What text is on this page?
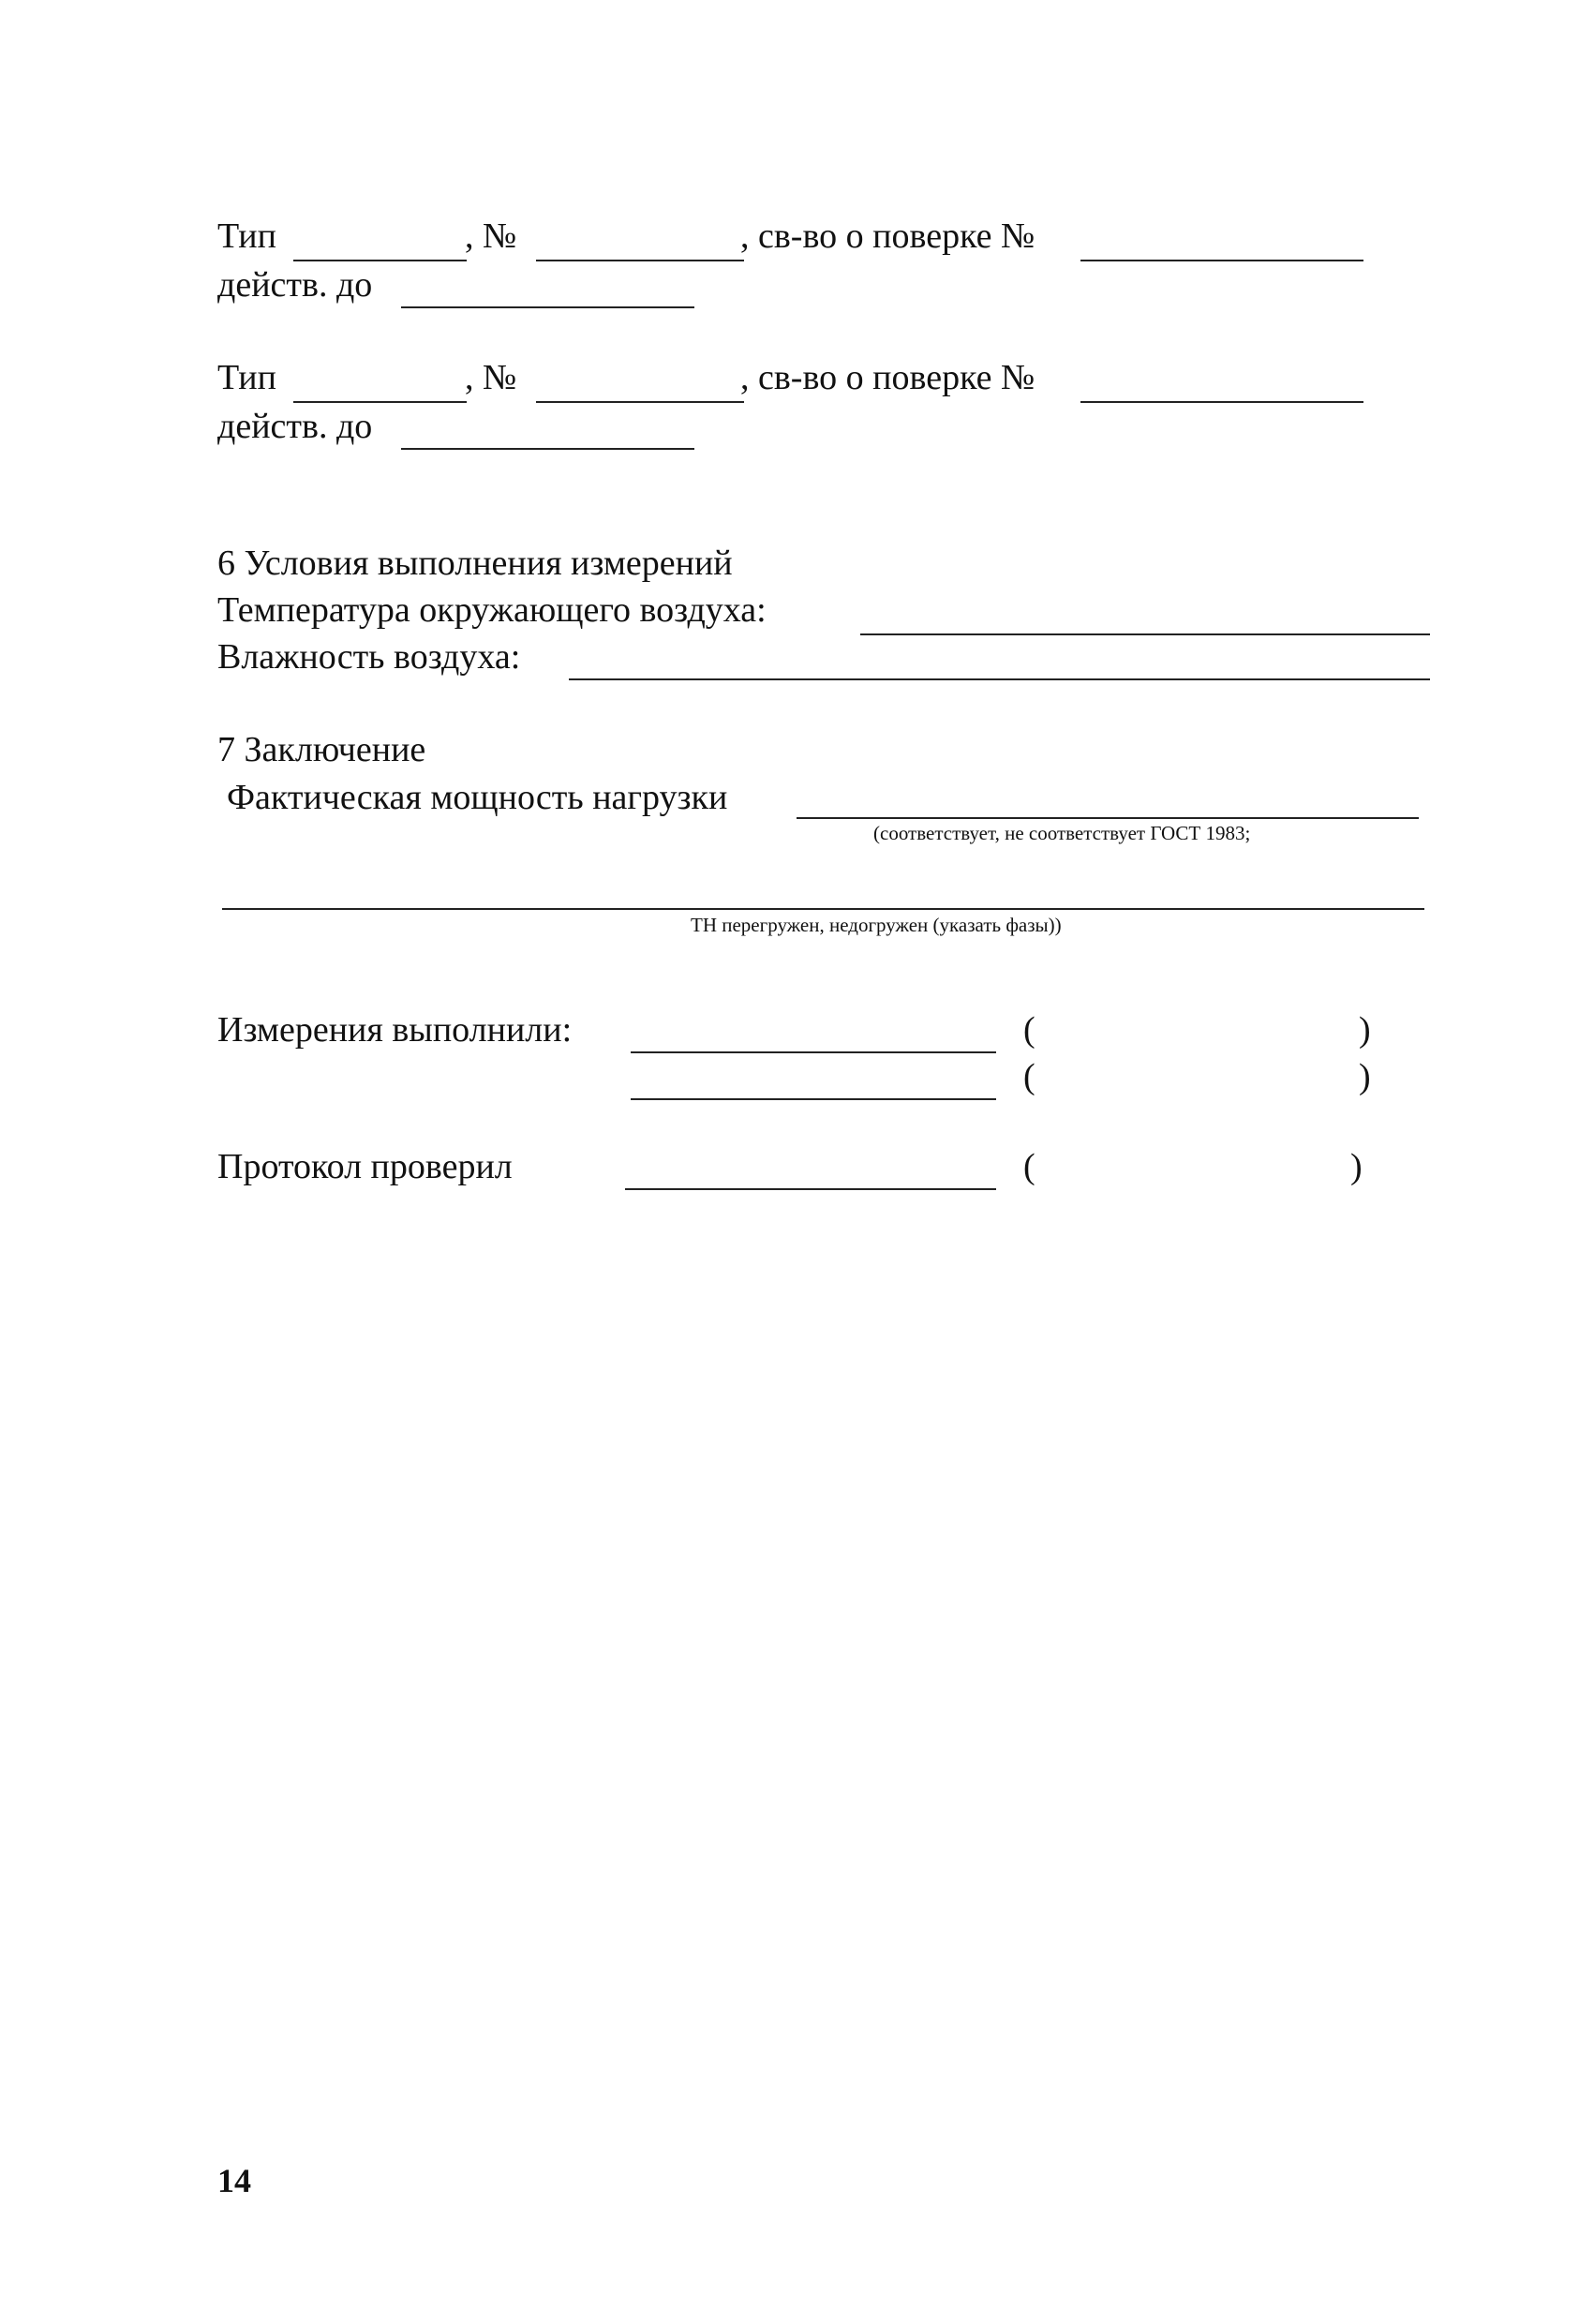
Тип	, №	, св-во о поверке №
действ. до
Тип	, №	, св-во о поверке №
действ. до
6 Условия выполнения измерений
Температура окружающего воздуха:
Влажность воздуха:
7 Заключение
Фактическая мощность нагрузки
(соответствует, не соответствует ГОСТ 1983;
ТН перегружен, недогружен (указать фазы))
Измерения выполнили:	(	)
(	)
Протокол проверил	(	)
14
